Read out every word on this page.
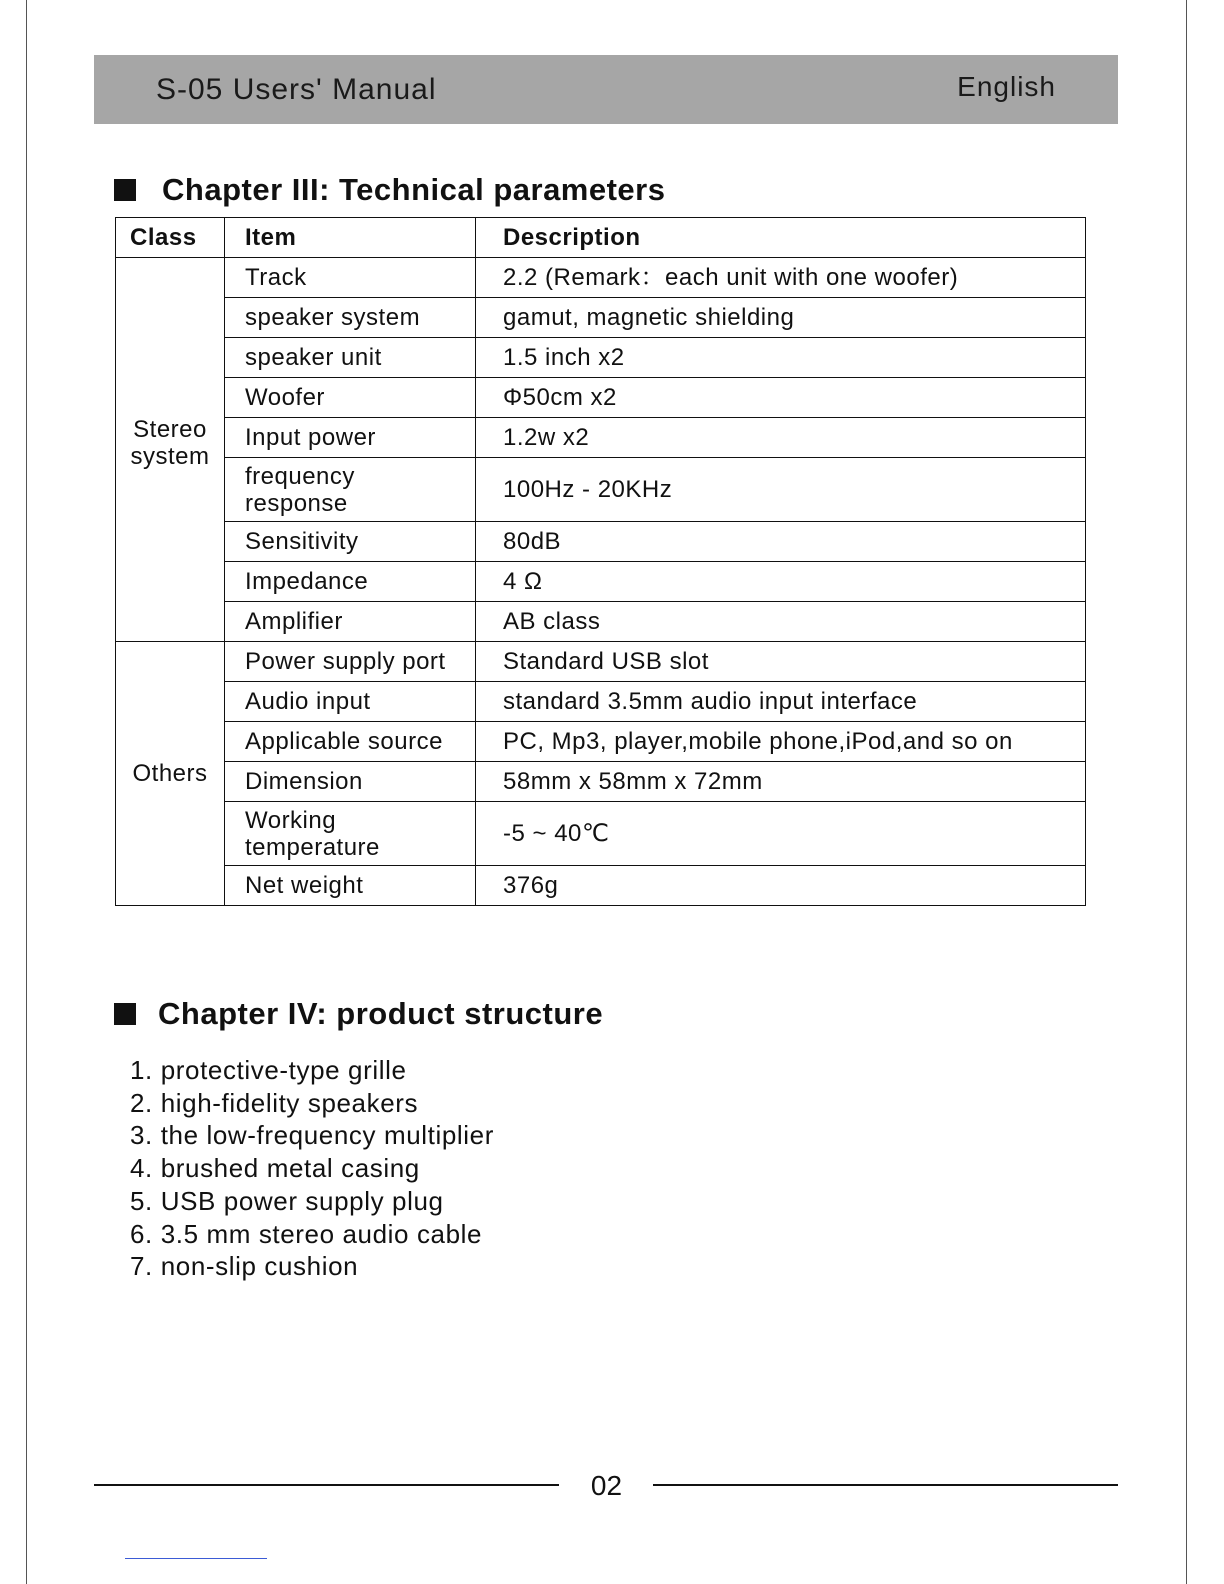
S-05 Users' Manual	English
Chapter III: Technical parameters
Class	Item	Description
Stereo system	Track	2.2 (Remark：each unit with one woofer)
	speaker system	gamut, magnetic shielding
	speaker unit	1.5 inch x2
	Woofer	Φ50cm x2
	Input power	1.2w x2
	frequency response	100Hz - 20KHz
	Sensitivity	80dB
	Impedance	4 Ω
	Amplifier	AB class
Others	Power supply port	Standard USB slot
	Audio input	standard 3.5mm audio input interface
	Applicable source	PC, Mp3, player,mobile phone,iPod,and so on
	Dimension	58mm x 58mm x 72mm
	Working temperature	-5 ~ 40℃
	Net weight	376g
Chapter IV: product structure
1. protective-type grille
2. high-fidelity speakers
3. the low-frequency multiplier
4. brushed metal casing
5. USB power supply plug
6. 3.5 mm stereo audio cable
7. non-slip cushion
02
